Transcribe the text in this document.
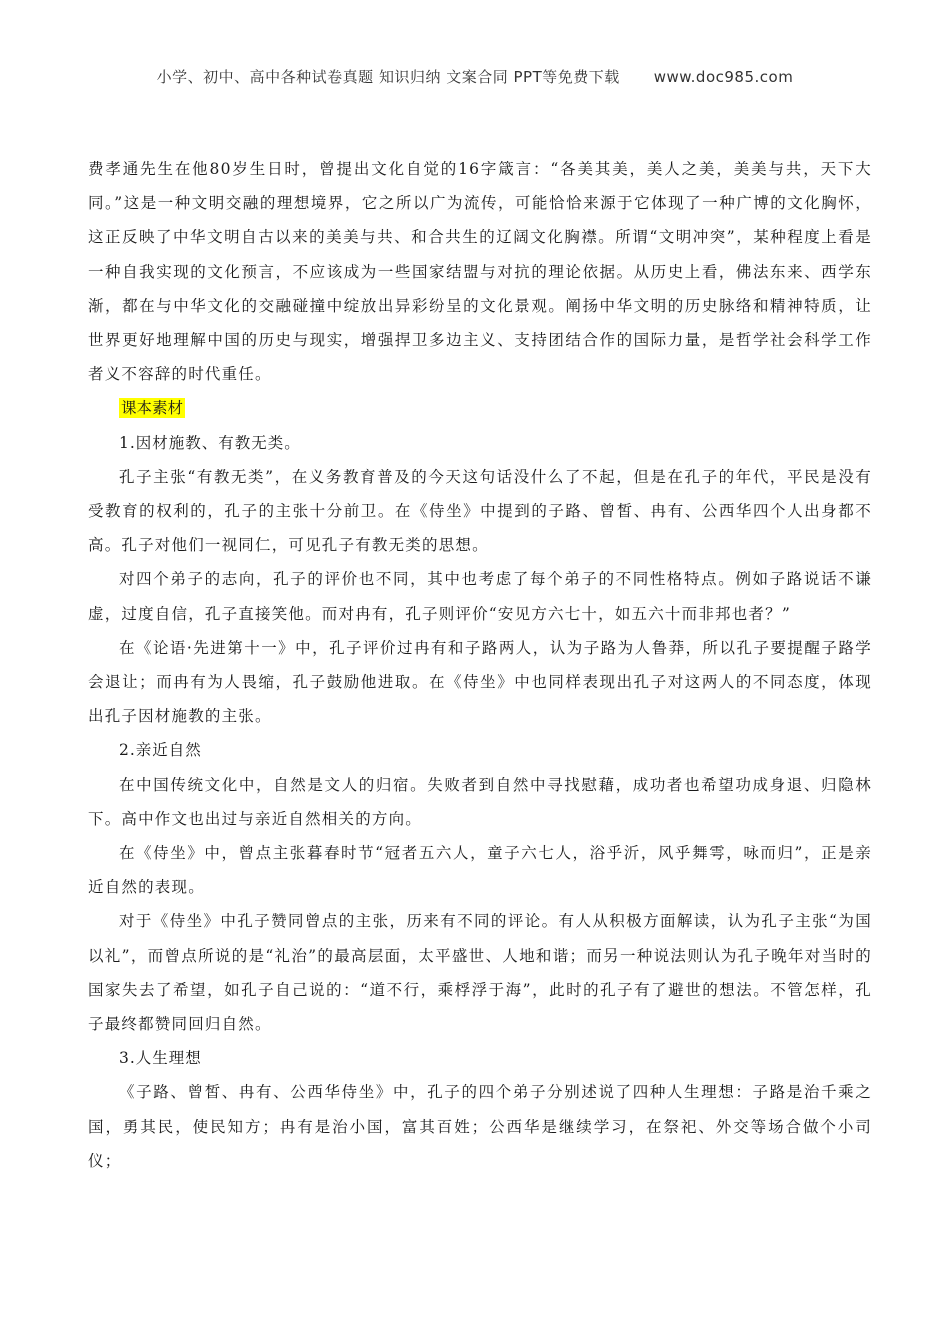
小学、初中、高中各种试卷真题 知识归纳 文案合同 PPT等免费下载 www.doc985.com

费孝通先生在他80岁生日时，曾提出文化自觉的16字箴言：“各美其美，美人之美，美美与共，天下大同。”这是一种文明交融的理想境界，它之所以广为流传，可能恰恰来源于它体现了一种广博的文化胸怀，这正反映了中华文明自古以来的美美与共、和合共生的辽阔文化胸襟。所谓“文明冲突”，某种程度上看是一种自我实现的文化预言，不应该成为一些国家结盟与对抗的理论依据。从历史上看，佛法东来、西学东渐，都在与中华文化的交融碰撞中绽放出异彩纷呈的文化景观。阐扬中华文明的历史脉络和精神特质，让世界更好地理解中国的历史与现实，增强捍卫多边主义、支持团结合作的国际力量，是哲学社会科学工作者义不容辞的时代重任。

课本素材

1.因材施教、有教无类。

孔子主张“有教无类”，在义务教育普及的今天这句话没什么了不起，但是在孔子的年代，平民是没有受教育的权利的，孔子的主张十分前卫。在《侍坐》中提到的子路、曾皙、冉有、公西华四个人出身都不高。孔子对他们一视同仁，可见孔子有教无类的思想。

对四个弟子的志向，孔子的评价也不同，其中也考虑了每个弟子的不同性格特点。例如子路说话不谦虚，过度自信，孔子直接笑他。而对冉有，孔子则评价“安见方六七十，如五六十而非邦也者？”

在《论语·先进第十一》中，孔子评价过冉有和子路两人，认为子路为人鲁莽，所以孔子要提醒子路学会退让；而冉有为人畏缩，孔子鼓励他进取。在《侍坐》中也同样表现出孔子对这两人的不同态度，体现出孔子因材施教的主张。

2.亲近自然

在中国传统文化中，自然是文人的归宿。失败者到自然中寻找慰藉，成功者也希望功成身退、归隐林下。高中作文也出过与亲近自然相关的方向。

在《侍坐》中，曾点主张暮春时节“冠者五六人，童子六七人，浴乎沂，风乎舞雩，咏而归”，正是亲近自然的表现。

对于《侍坐》中孔子赞同曾点的主张，历来有不同的评论。有人从积极方面解读，认为孔子主张“为国以礼”，而曾点所说的是“礼治”的最高层面，太平盛世、人地和谐；而另一种说法则认为孔子晚年对当时的国家失去了希望，如孔子自己说的：“道不行，乘桴浮于海”，此时的孔子有了避世的想法。不管怎样，孔子最终都赞同回归自然。

3.人生理想

《子路、曾皙、冉有、公西华侍坐》中，孔子的四个弟子分别述说了四种人生理想：子路是治千乘之国，勇其民，使民知方；冉有是治小国，富其百姓；公西华是继续学习，在祭祀、外交等场合做个小司仪；
